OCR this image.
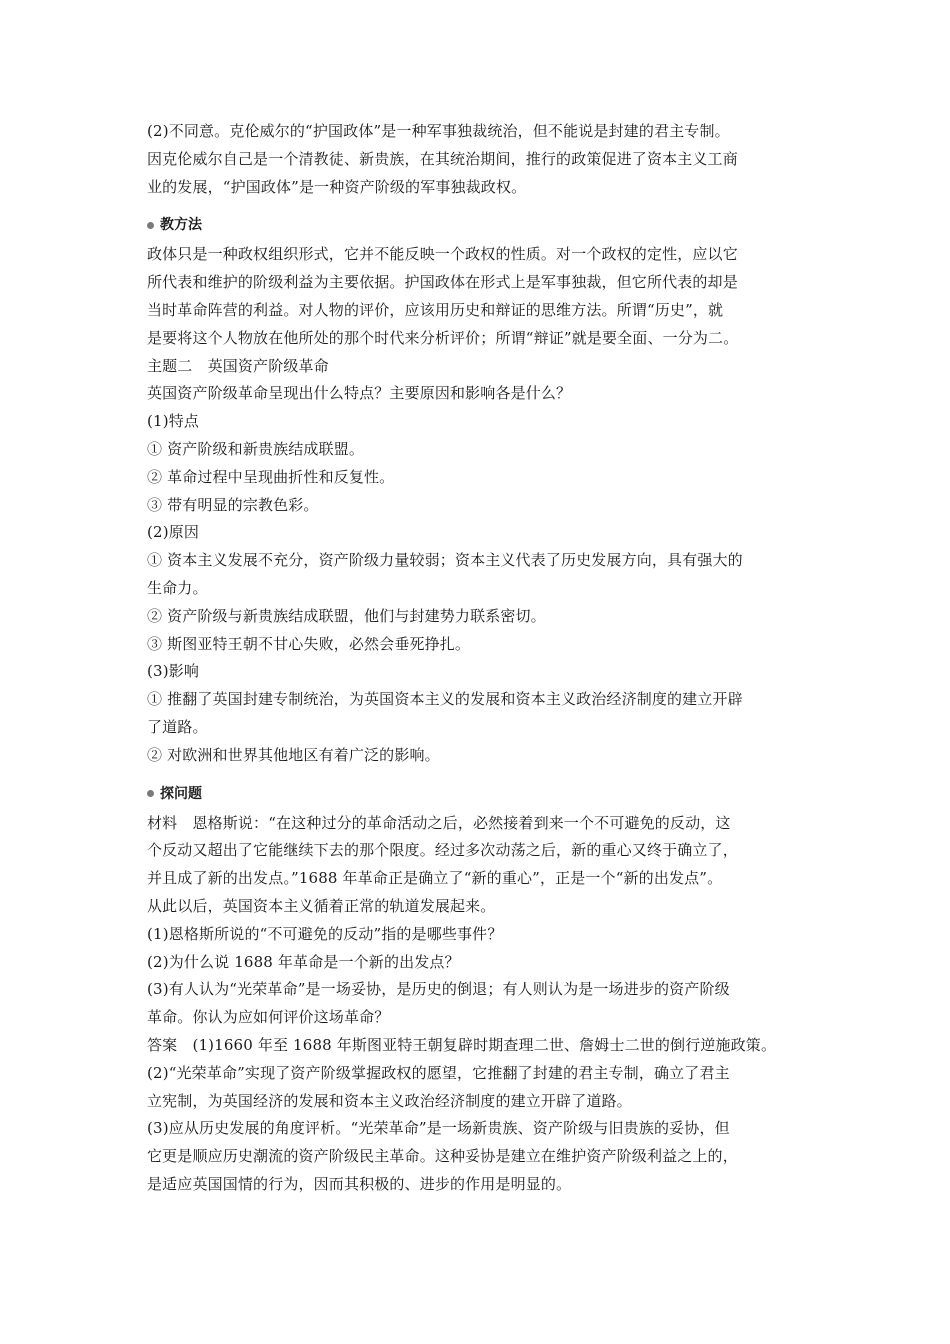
(2)不同意。克伦威尔的“护国政体”是一种军事独裁统治，但不能说是封建的君主专制。
因克伦威尔自己是一个清教徒、新贵族，在其统治期间，推行的政策促进了资本主义工商
业的发展，“护国政体”是一种资产阶级的军事独裁政权。
教方法
政体只是一种政权组织形式，它并不能反映一个政权的性质。对一个政权的定性，应以它
所代表和维护的阶级利益为主要依据。护国政体在形式上是军事独裁，但它所代表的却是
当时革命阵营的利益。对人物的评价，应该用历史和辩证的思维方法。所谓“历史”，就
是要将这个人物放在他所处的那个时代来分析评价；所谓“辩证”就是要全面、一分为二。
主题二　英国资产阶级革命
英国资产阶级革命呈现出什么特点？主要原因和影响各是什么？
(1)特点
① 资产阶级和新贵族结成联盟。
② 革命过程中呈现曲折性和反复性。
③ 带有明显的宗教色彩。
(2)原因
① 资本主义发展不充分，资产阶级力量较弱；资本主义代表了历史发展方向，具有强大的
生命力。
② 资产阶级与新贵族结成联盟，他们与封建势力联系密切。
③ 斯图亚特王朝不甘心失败，必然会垂死挣扎。
(3)影响
① 推翻了英国封建专制统治，为英国资本主义的发展和资本主义政治经济制度的建立开辟
了道路。
② 对欧洲和世界其他地区有着广泛的影响。
探问题
材料　恩格斯说：“在这种过分的革命活动之后，必然接着到来一个不可避免的反动，这
个反动又超出了它能继续下去的那个限度。经过多次动荡之后，新的重心又终于确立了，
并且成了新的出发点。”1688 年革命正是确立了“新的重心”，正是一个“新的出发点”。
从此以后，英国资本主义循着正常的轨道发展起来。
(1)恩格斯所说的“不可避免的反动”指的是哪些事件？
(2)为什么说 1688 年革命是一个新的出发点？
(3)有人认为“光荣革命”是一场妥协，是历史的倒退；有人则认为是一场进步的资产阶级
革命。你认为应如何评价这场革命？
答案　(1)1660 年至 1688 年斯图亚特王朝复辟时期查理二世、詹姆士二世的倒行逆施政策。
(2)“光荣革命”实现了资产阶级掌握政权的愿望，它推翻了封建的君主专制，确立了君主
立宪制，为英国经济的发展和资本主义政治经济制度的建立开辟了道路。
(3)应从历史发展的角度评析。“光荣革命”是一场新贵族、资产阶级与旧贵族的妥协，但
它更是顺应历史潮流的资产阶级民主革命。这种妥协是建立在维护资产阶级利益之上的，
是适应英国国情的行为，因而其积极的、进步的作用是明显的。
